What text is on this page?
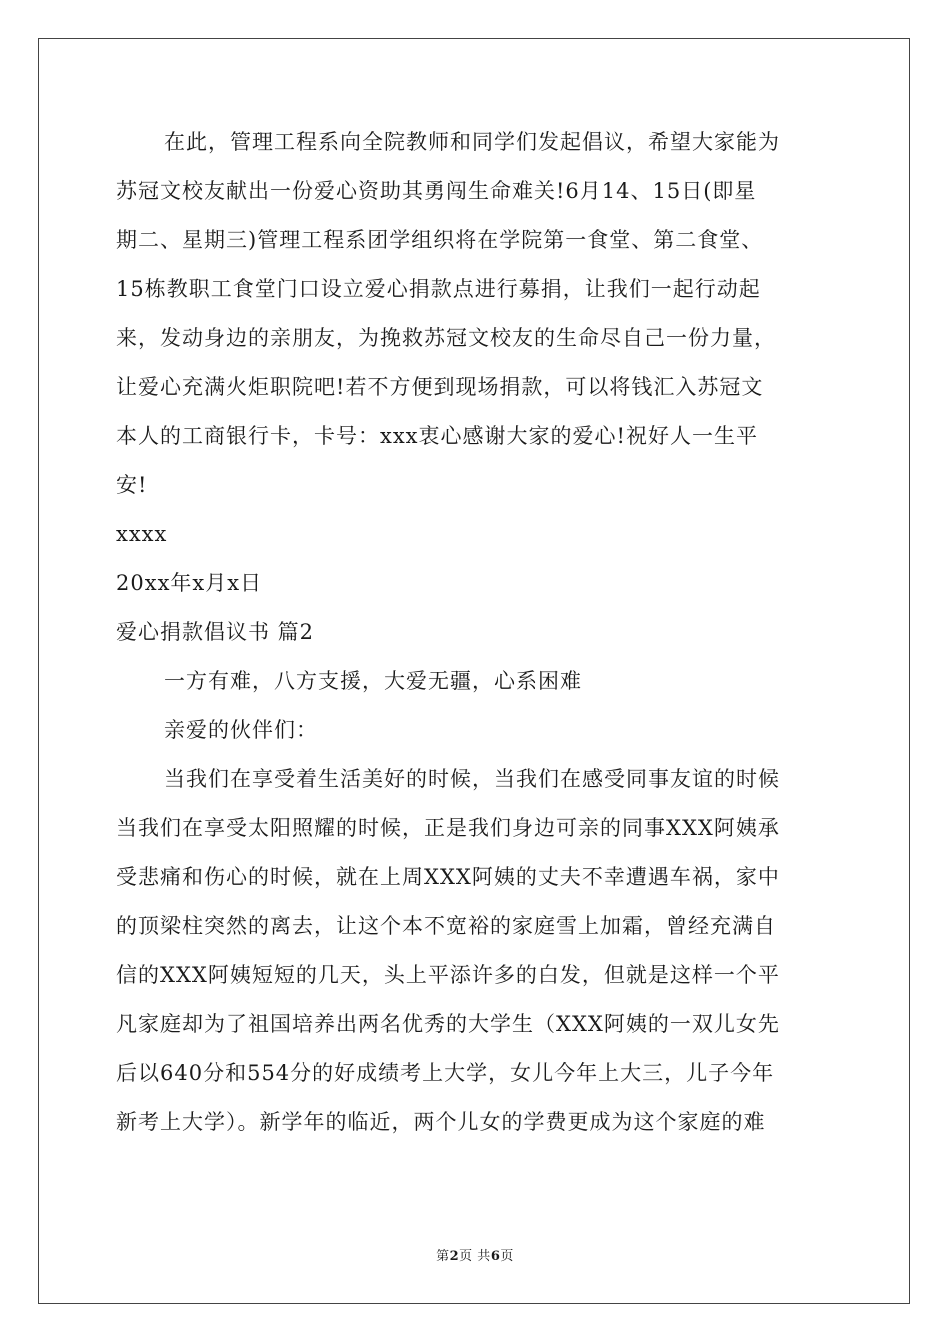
在此，管理工程系向全院教师和同学们发起倡议，希望大家能为
苏冠文校友献出一份爱心资助其勇闯生命难关!6月14、15日(即星
期二、星期三)管理工程系团学组织将在学院第一食堂、第二食堂、
15栋教职工食堂门口设立爱心捐款点进行募捐，让我们一起行动起
来，发动身边的亲朋友，为挽救苏冠文校友的生命尽自己一份力量，
让爱心充满火炬职院吧!若不方便到现场捐款，可以将钱汇入苏冠文
本人的工商银行卡，卡号：xxx衷心感谢大家的爱心!祝好人一生平
安!
xxxx
20xx年x月x日
爱心捐款倡议书 篇2
一方有难，八方支援，大爱无疆，心系困难
亲爱的伙伴们：
当我们在享受着生活美好的时候，当我们在感受同事友谊的时候
当我们在享受太阳照耀的时候，正是我们身边可亲的同事XXX阿姨承
受悲痛和伤心的时候，就在上周XXX阿姨的丈夫不幸遭遇车祸，家中
的顶梁柱突然的离去，让这个本不宽裕的家庭雪上加霜，曾经充满自
信的XXX阿姨短短的几天，头上平添许多的白发，但就是这样一个平
凡家庭却为了祖国培养出两名优秀的大学生（XXX阿姨的一双儿女先
后以640分和554分的好成绩考上大学，女儿今年上大三，儿子今年
新考上大学）。新学年的临近，两个儿女的学费更成为这个家庭的难
第2页 共6页
